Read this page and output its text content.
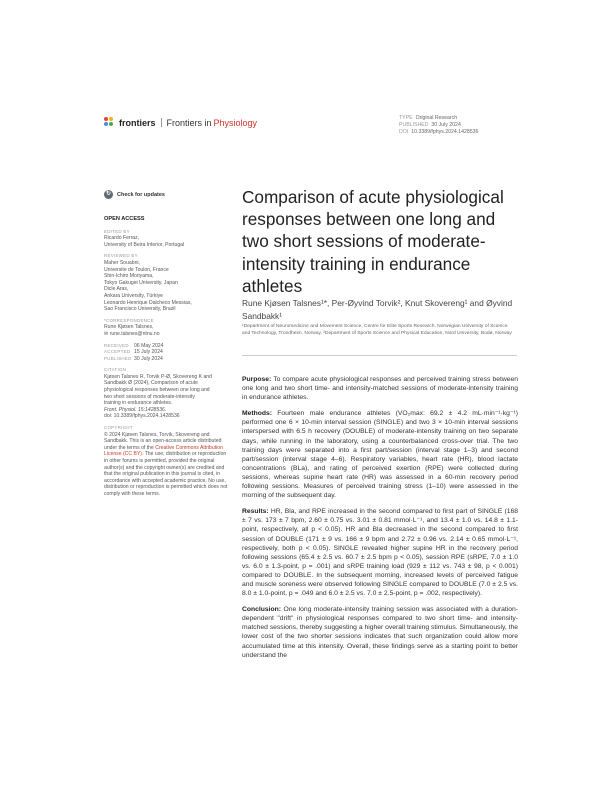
frontiers Frontiers in Physiology	TYPE Original Research
PUBLISHED 30 July 2024
DOI 10.3389/fphys.2024.1428536
↻	Check for updates
OPEN ACCESS
EDITED BY
Ricardo Ferraz,
University of Beira Interior, Portugal
REVIEWED BY
Maher Souabni,
Universite de Toulon, France
Shin-Ichiro Moriyama,
Tokyo Gakugei University, Japan
Dicle Aras,
Ankara University, Türkiye
Leonardo Henrique Dalcheco Messias,
Sao Francisco University, Brazil
*CORRESPONDENCE
Rune Kjøsen Talsnes,
✉ rune.talsnes@ntnu.no
RECEIVED 06 May 2024
ACCEPTED 15 July 2024
PUBLISHED 30 July 2024
CITATION
Kjøsen Talsnes R, Torvik P-Ø, Skovereng K and
Sandbakk Ø (2024), Comparison of acute
physiological responses between one long and
two short sessions of moderate-intensity
training in endurance athletes.
Front. Physiol. 15:1428536.
doi: 10.3389/fphys.2024.1428536
COPYRIGHT
© 2024 Kjøsen Talsnes, Torvik, Skovereng and Sandbakk. This is an open-access article distributed under the terms of the Creative Commons Attribution License (CC BY). The use, distribution or reproduction in other forums is permitted, provided the original author(s) and the copyright owner(s) are credited and that the original publication in this journal is cited, in accordance with accepted academic practice. No use, distribution or reproduction is permitted which does not comply with these terms.
Comparison of acute physiological responses between one long and two short sessions of moderate-intensity training in endurance athletes
Rune Kjøsen Talsnes¹*, Per-Øyvind Torvik², Knut Skovereng¹ and Øyvind Sandbakk¹
¹Department of Neuromedicine and Movement Science, Centre for Elite Sports Research, Norwegian University of Science and Technology, Trondheim, Norway, ²Department of Sports Science and Physical Education, Nord University, Bodø, Norway

Purpose: To compare acute physiological responses and perceived training stress between one long and two short time- and intensity-matched sessions of moderate-intensity training in endurance athletes.

Methods: Fourteen male endurance athletes (VO₂max: 69.2 ± 4.2 mL·min⁻¹·kg⁻¹) performed one 6 × 10-min interval session (SINGLE) and two 3 × 10-min interval sessions interspersed with 6.5 h recovery (DOUBLE) of moderate-intensity training on two separate days, while running in the laboratory, using a counterbalanced cross-over trial. The two training days were separated into a first part/session (interval stage 1–3) and second part/session (interval stage 4–6). Respiratory variables, heart rate (HR), blood lactate concentrations (BLa), and rating of perceived exertion (RPE) were collected during sessions, whereas supine heart rate (HR) was assessed in a 60-min recovery period following sessions. Measures of perceived training stress (1–10) were assessed in the morning of the subsequent day.

Results: HR, Bla, and RPE increased in the second compared to first part of SINGLE (168 ± 7 vs. 173 ± 7 bpm, 2.60 ± 0.75 vs. 3.01 ± 0.81 mmol·L⁻¹, and 13.4 ± 1.0 vs. 14.8 ± 1.1-point, respectively, all p < 0.05). HR and Bla decreased in the second compared to first session of DOUBLE (171 ± 9 vs. 166 ± 9 bpm and 2.72 ± 0.96 vs. 2.14 ± 0.65 mmol·L⁻¹, respectively, both p < 0.05). SINGLE revealed higher supine HR in the recovery period following sessions (65.4 ± 2.5 vs. 60.7 ± 2.5 bpm p < 0.05), session RPE (sRPE, 7.0 ± 1.0 vs. 6.0 ± 1.3-point, p = .001) and sRPE training load (929 ± 112 vs. 743 ± 98, p < 0.001) compared to DOUBLE. In the subsequent morning, increased levels of perceived fatigue and muscle soreness were observed following SINGLE compared to DOUBLE (7.0 ± 2.5 vs. 8.0 ± 1.0-point, p = .049 and 6.0 ± 2.5 vs. 7.0 ± 2.5-point, p = .002, respectively).

Conclusion: One long moderate-intensity training session was associated with a duration-dependent "drift" in physiological responses compared to two short time- and intensity-matched sessions, thereby suggesting a higher overall training stimulus. Simultaneously, the lower cost of the two shorter sessions indicates that such organization could allow more accumulated time at this intensity. Overall, these findings serve as a starting point to better understand the
